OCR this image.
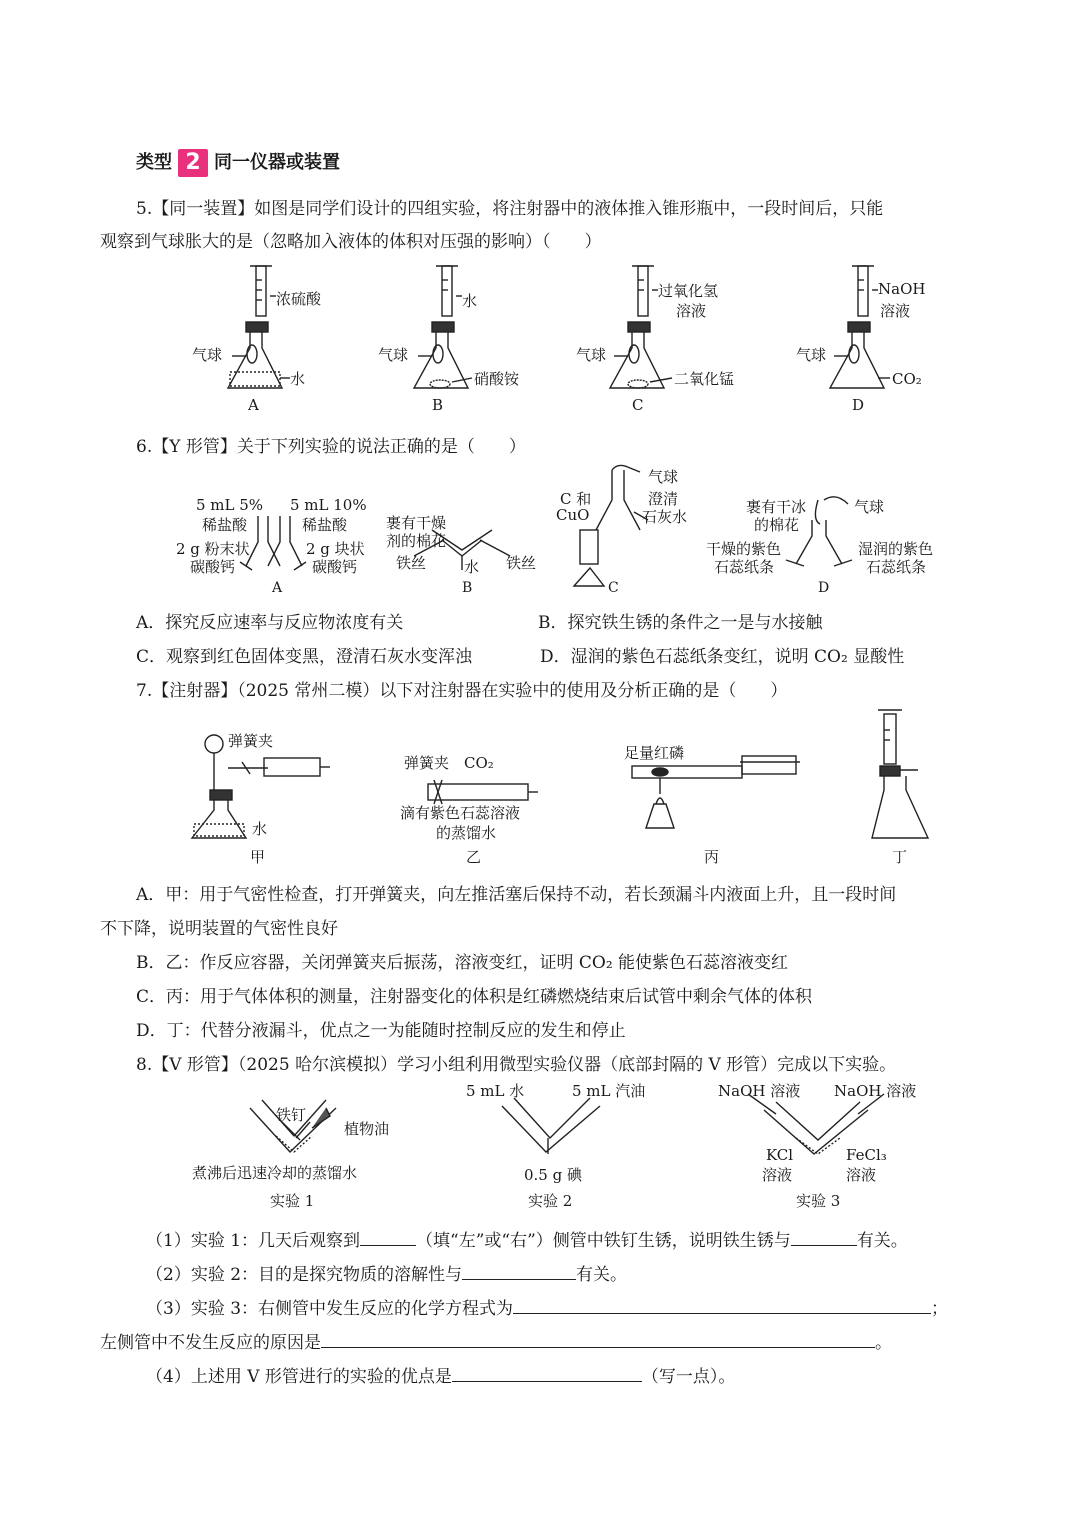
类型 2 同一仪器或装置
5.【同一装置】如图是同学们设计的四组实验，将注射器中的液体推入锥形瓶中，一段时间后，只能
观察到气球胀大的是（忽略加入液体的体积对压强的影响）（　　）
浓硫酸
气球
水
A
水
气球
硝酸铵
B
过氧化氢
溶液
气球
二氧化锰
C
NaOH
溶液
气球
CO₂
D
6.【Y 形管】关于下列实验的说法正确的是（　　）
5 mL 5%
稀盐酸
5 mL 10%
稀盐酸
2 g 粉末状
碳酸钙
2 g 块状
碳酸钙
A
裹有干燥
剂的棉花
铁丝	水 铁丝
B
气球
C 和
CuO
澄清
石灰水
C
裹有干冰
的棉花
气球
干燥的紫色
石蕊纸条
湿润的紫色
石蕊纸条
D
A．探究反应速率与反应物浓度有关	B．探究铁生锈的条件之一是与水接触
C．观察到红色固体变黑，澄清石灰水变浑浊	D．湿润的紫色石蕊纸条变红，说明 CO₂ 显酸性
7.【注射器】（2025 常州二模）以下对注射器在实验中的使用及分析正确的是（　　）
弹簧夹
水
甲
弹簧夹 CO₂
滴有紫色石蕊溶液
的蒸馏水
乙
足量红磷
丙	丁
A．甲：用于气密性检查，打开弹簧夹，向左推活塞后保持不动，若长颈漏斗内液面上升，且一段时间
不下降，说明装置的气密性良好
B．乙：作反应容器，关闭弹簧夹后振荡，溶液变红，证明 CO₂ 能使紫色石蕊溶液变红
C．丙：用于气体体积的测量，注射器变化的体积是红磷燃烧结束后试管中剩余气体的体积
D．丁：代替分液漏斗，优点之一为能随时控制反应的发生和停止
8.【V 形管】（2025 哈尔滨模拟）学习小组利用微型实验仪器（底部封隔的 V 形管）完成以下实验。
铁钉
植物油
煮沸后迅速冷却的蒸馏水
实验 1
5 mL 水	5 mL 汽油
0.5 g 碘
实验 2
NaOH 溶液 NaOH 溶液
KCl
溶液
FeCl₃
溶液
实验 3
（1）实验 1：几天后观察到	（填“左”或“右”）侧管中铁钉生锈，说明铁生锈与	有关。
（2）实验 2：目的是探究物质的溶解性与	有关。
（3）实验 3：右侧管中发生反应的化学方程式为	；
左侧管中不发生反应的原因是	。
（4）上述用 V 形管进行的实验的优点是	（写一点）。
